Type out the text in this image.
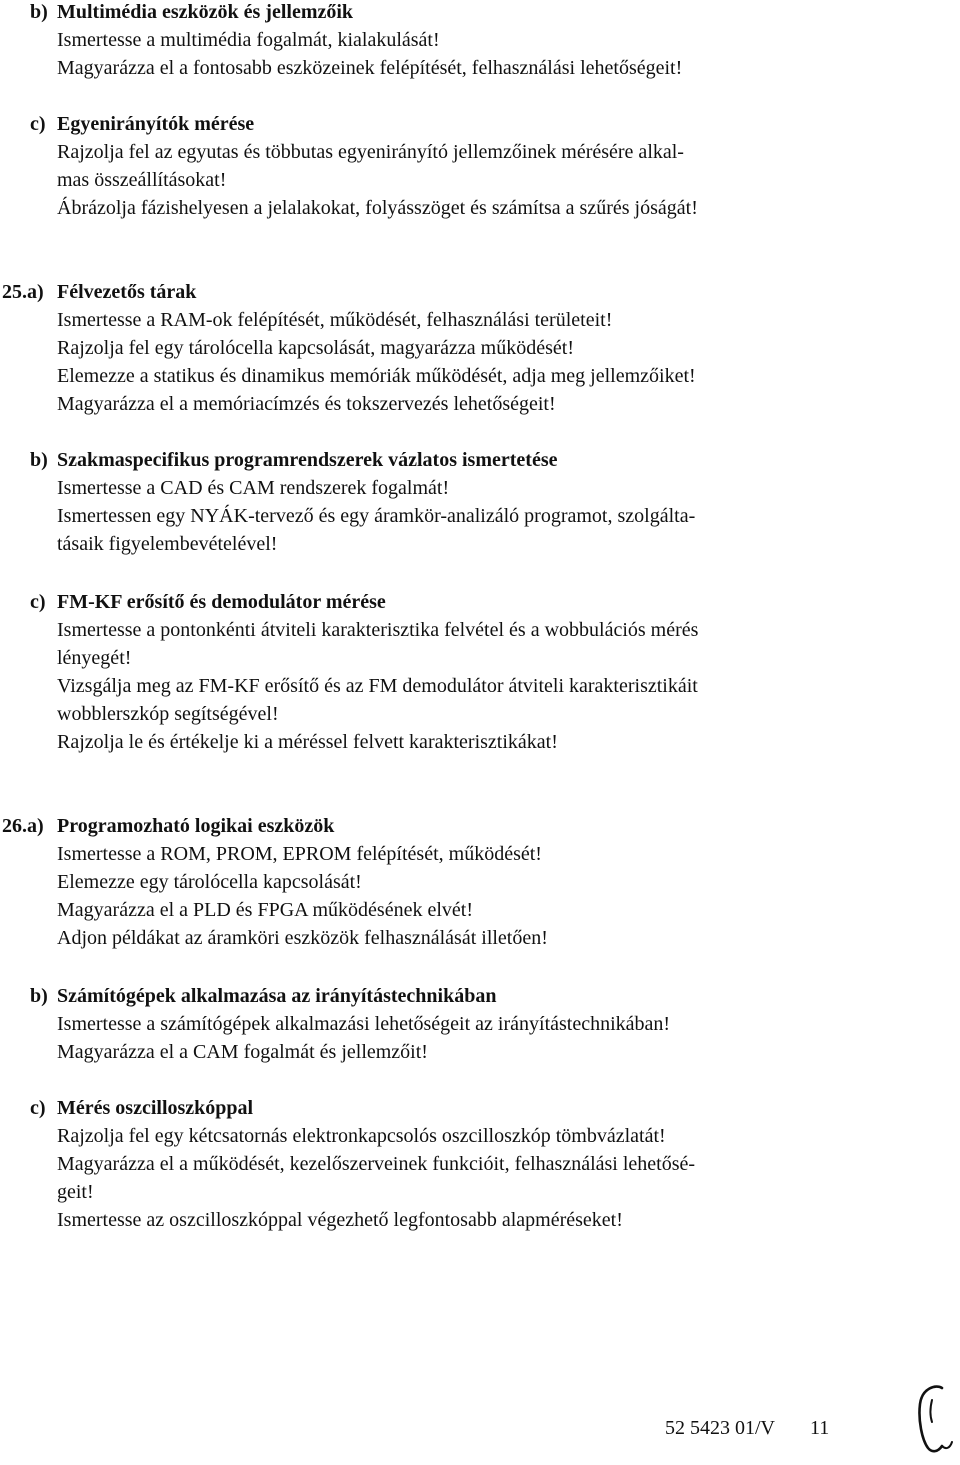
b) Multimédia eszközök és jellemzőik
Ismertesse a multimédia fogalmát, kialakulását!
Magyarázza el a fontosabb eszközeinek felépítését, felhasználási lehetőségeit!
c) Egyenirányítók mérése
Rajzolja fel az egyutas és többutas egyenirányító jellemzőinek mérésére alkal-
mas összeállításokat!
Ábrázolja fázishelyesen a jelalakokat, folyásszöget és számítsa a szűrés jóságát!
25.a) Félvezetős tárak
Ismertesse a RAM-ok felépítését, működését, felhasználási területeit!
Rajzolja fel egy tárolócella kapcsolását, magyarázza működését!
Elemezze a statikus és dinamikus memóriák működését, adja meg jellemzőiket!
Magyarázza el a memóriacímzés és tokszervezés lehetőségeit!
b) Szakmaspecifikus programrendszerek vázlatos ismertetése
Ismertesse a CAD és CAM rendszerek fogalmát!
Ismertessen egy NYÁK-tervező és egy áramkör-analizáló programot, szolgálta-
tásaik figyelembevételével!
c) FM-KF erősítő és demodulátor mérése
Ismertesse a pontonkénti átviteli karakterisztika felvétel és a wobbulációs mérés
lényegét!
Vizsgálja meg az FM-KF erősítő és az FM demodulátor átviteli karakterisztikáit
wobblerszkóp segítségével!
Rajzolja le és értékelje ki a méréssel felvett karakterisztikákat!
26.a) Programozható logikai eszközök
Ismertesse a ROM, PROM, EPROM felépítését, működését!
Elemezze egy tárolócella kapcsolását!
Magyarázza el a PLD és FPGA működésének elvét!
Adjon példákat az áramköri eszközök felhasználását illetően!
b) Számítógépek alkalmazása az irányítástechnikában
Ismertesse a számítógépek alkalmazási lehetőségeit az irányítástechnikában!
Magyarázza el a CAM fogalmát és jellemzőit!
c) Mérés oszcilloszkóppal
Rajzolja fel egy kétcsatornás elektronkapcsolós oszcilloszkóp tömbvázlatát!
Magyarázza el a működését, kezelőszerveinek funkcióit, felhasználási lehetősé-
geit!
Ismertesse az oszcilloszkóppal végezhető legfontosabb alapméréseket!
52 5423 01/V 11
